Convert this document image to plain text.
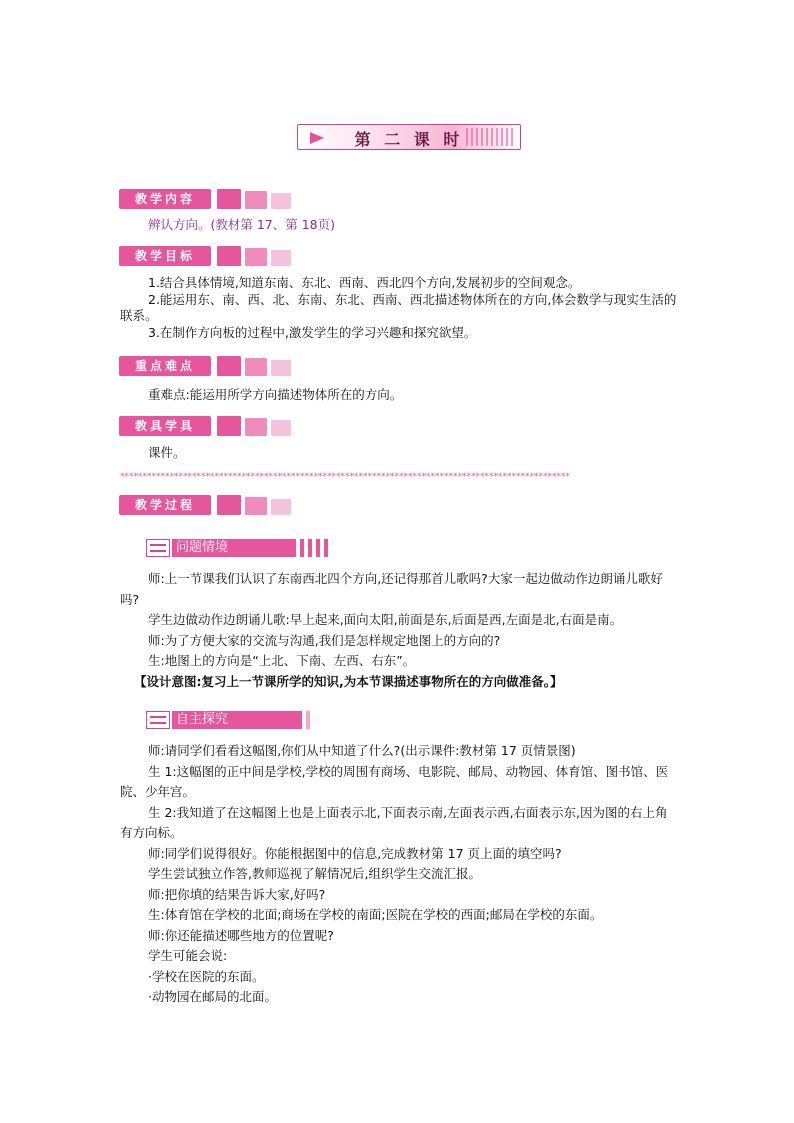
第 二 课 时
教学内容
辨认方向。(教材第 17、第 18页)
教学目标
1.结合具体情境,知道东南、东北、西南、西北四个方向,发展初步的空间观念。
2.能运用东、南、西、北、东南、东北、西南、西北描述物体所在的方向,体会数学与现实生活的联系。
3.在制作方向板的过程中,激发学生的学习兴趣和探究欲望。
重点难点
重难点:能运用所学方向描述物体所在的方向。
教具学具
课件。
****************************************************************************************************
教学过程
问题情境

师:上一节课我们认识了东南西北四个方向,还记得那首儿歌吗?大家一起边做动作边朗诵儿歌好吗?

学生边做动作边朗诵儿歌:早上起来,面向太阳,前面是东,后面是西,左面是北,右面是南。

师:为了方便大家的交流与沟通,我们是怎样规定地图上的方向的?

生:地图上的方向是“上北、下南、左西、右东”。

【设计意图:复习上一节课所学的知识,为本节课描述事物所在的方向做准备。】

自主探究

师:请同学们看看这幅图,你们从中知道了什么?(出示课件:教材第 17 页情景图)

生 1:这幅图的正中间是学校,学校的周围有商场、电影院、邮局、动物园、体育馆、图书馆、医院、少年宫。

生 2:我知道了在这幅图上也是上面表示北,下面表示南,左面表示西,右面表示东,因为图的右上角有方向标。

师:同学们说得很好。你能根据图中的信息,完成教材第 17 页上面的填空吗?

学生尝试独立作答,教师巡视了解情况后,组织学生交流汇报。

师:把你填的结果告诉大家,好吗?

生:体育馆在学校的北面;商场在学校的南面;医院在学校的西面;邮局在学校的东面。

师:你还能描述哪些地方的位置呢?

学生可能会说:

·学校在医院的东面。

·动物园在邮局的北面。
